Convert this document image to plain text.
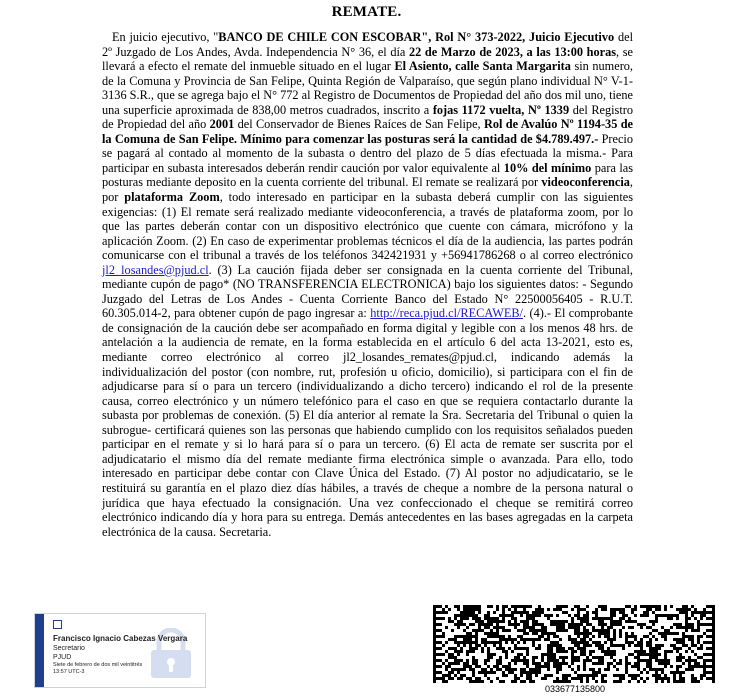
REMATE.

En juicio ejecutivo, "BANCO DE CHILE CON ESCOBAR", Rol N° 373-2022, Juicio Ejecutivo del 2º Juzgado de Los Andes, Avda. Independencia N° 36, el día 22 de Marzo de 2023, a las 13:00 horas, se llevará a efecto el remate del inmueble situado en el lugar El Asiento, calle Santa Margarita sin numero, de la Comuna y Provincia de San Felipe, Quinta Región de Valparaíso, que según plano individual N° V-1-3136 S.R., que se agrega bajo el N° 772 al Registro de Documentos de Propiedad del año dos mil uno, tiene una superficie aproximada de 838,00 metros cuadrados, inscrito a fojas 1172 vuelta, Nº 1339 del Registro de Propiedad del año 2001 del Conservador de Bienes Raíces de San Felipe, Rol de Avalúo Nº 1194-35 de la Comuna de San Felipe. Mínimo para comenzar las posturas será la cantidad de $4.789.497.- Precio se pagará al contado al momento de la subasta o dentro del plazo de 5 días efectuada la misma.- Para participar en subasta interesados deberán rendir caución por valor equivalente al 10% del mínimo para las posturas mediante deposito en la cuenta corriente del tribunal. El remate se realizará por videoconferencia, por plataforma Zoom, todo interesado en participar en la subasta deberá cumplir con las siguientes exigencias: (1) El remate será realizado mediante videoconferencia, a través de plataforma zoom, por lo que las partes deberán contar con un dispositivo electrónico que cuente con cámara, micrófono y la aplicación Zoom. (2) En caso de experimentar problemas técnicos el día de la audiencia, las partes podrán comunicarse con el tribunal a través de los teléfonos 342421931 y +56941786268 o al correo electrónico jl2_losandes@pjud.cl. (3) La caución fijada deber ser consignada en la cuenta corriente del Tribunal, mediante cupón de pago* (NO TRANSFERENCIA ELECTRONICA) bajo los siguientes datos: - Segundo Juzgado del Letras de Los Andes - Cuenta Corriente Banco del Estado N° 22500056405 - R.U.T. 60.305.014-2, para obtener cupón de pago ingresar a: http://reca.pjud.cl/RECAWEB/. (4).- El comprobante de consignación de la caución debe ser acompañado en forma digital y legible con a los menos 48 hrs. de antelación a la audiencia de remate, en la forma establecida en el artículo 6 del acta 13-2021, esto es, mediante correo electrónico al correo jl2_losandes_remates@pjud.cl, indicando además la individualización del postor (con nombre, rut, profesión u oficio, domicilio), si participara con el fin de adjudicarse para sí o para un tercero (individualizando a dicho tercero) indicando el rol de la presente causa, correo electrónico y un número telefónico para el caso en que se requiera contactarlo durante la subasta por problemas de conexión. (5) El día anterior al remate la Sra. Secretaria del Tribunal o quien la subrogue- certificará quienes son las personas que habiendo cumplido con los requisitos señalados pueden participar en el remate y si lo hará para sí o para un tercero. (6) El acta de remate ser suscrita por el adjudicatario el mismo día del remate mediante firma electrónica simple o avanzada. Para ello, todo interesado en participar debe contar con Clave Única del Estado. (7) Al postor no adjudicatario, se le restituirá su garantía en el plazo diez días hábiles, a través de cheque a nombre de la persona natural o jurídica que haya efectuado la consignación. Una vez confeccionado el cheque se remitirá correo electrónico indicando día y hora para su entrega. Demás antecedentes en las bases agregadas en la carpeta electrónica de la causa. Secretaria.

Francisco Ignacio Cabezas Vergara
Secretario
PJUD
Siete de febrero de dos mil veintitrés
13:57 UTC-3
033677135800
